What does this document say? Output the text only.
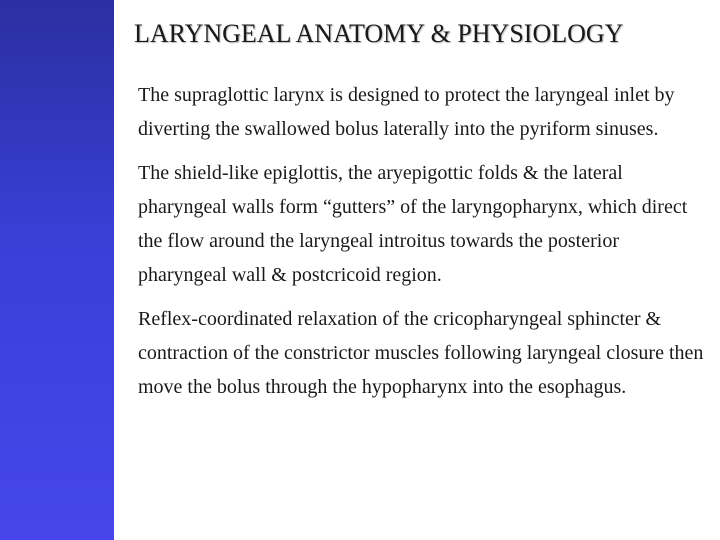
LARYNGEAL ANATOMY & PHYSIOLOGY

The supraglottic larynx is designed to protect the laryngeal inlet by diverting the swallowed bolus laterally into the pyriform sinuses.

The shield-like epiglottis, the aryepigottic folds & the lateral pharyngeal walls form “gutters” of the laryngopharynx, which direct the flow around the laryngeal introitus towards the posterior pharyngeal wall & postcricoid region.

Reflex-coordinated relaxation of the cricopharyngeal sphincter & contraction of the constrictor muscles following laryngeal closure then move the bolus through the hypopharynx into the esophagus.
